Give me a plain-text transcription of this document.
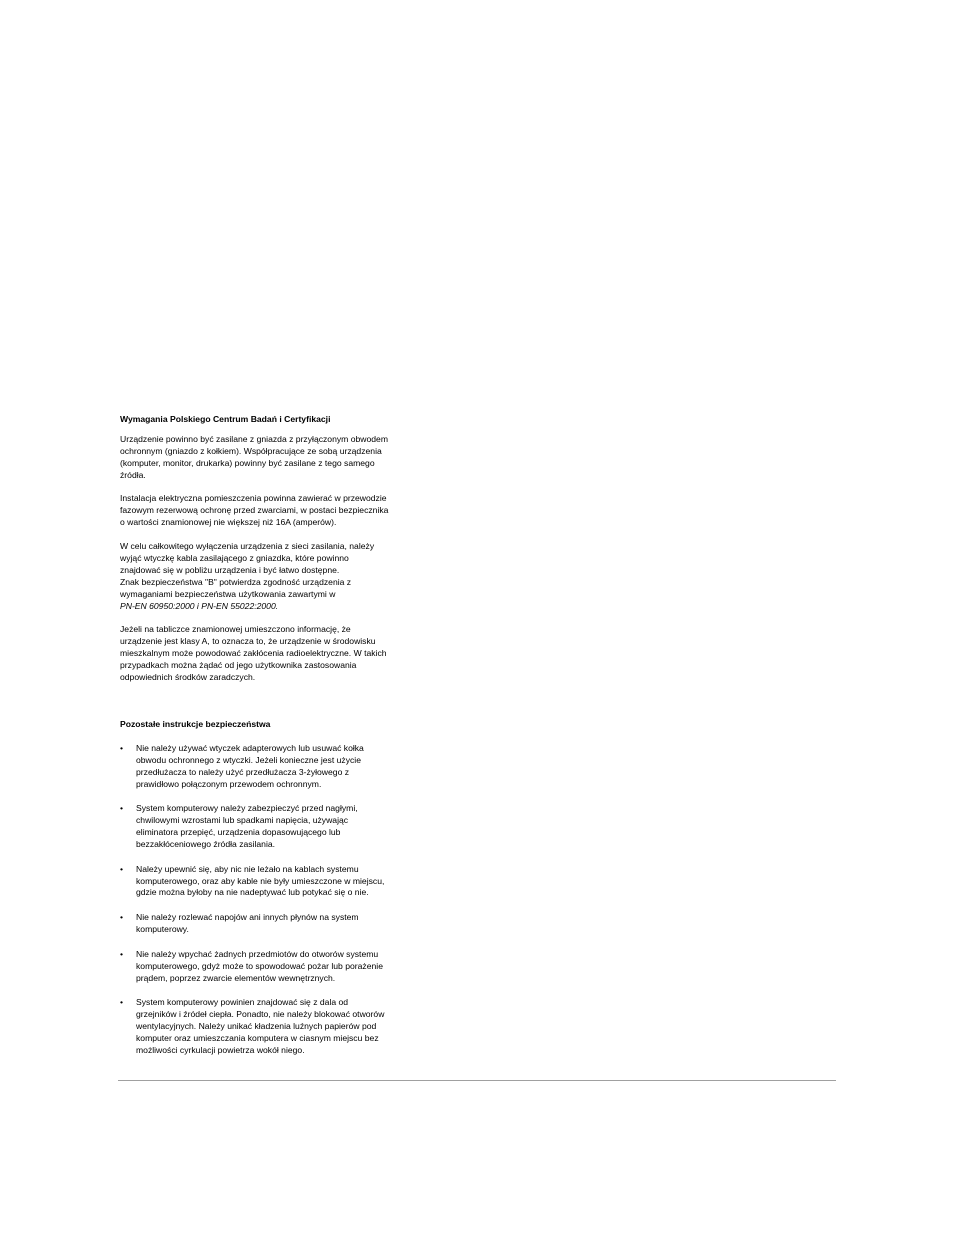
Wymagania Polskiego Centrum Badań i Certyfikacji

Urządzenie powinno być zasilane z gniazda z przyłączonym obwodem
ochronnym (gniazdo z kołkiem). Współpracujące ze sobą urządzenia
(komputer, monitor, drukarka) powinny być zasilane z tego samego
źródła.

Instalacja elektryczna pomieszczenia powinna zawierać w przewodzie
fazowym rezerwową ochronę przed zwarciami, w postaci bezpiecznika
o wartości znamionowej nie większej niż 16A (amperów).

W celu całkowitego wyłączenia urządzenia z sieci zasilania, należy
wyjąć wtyczkę kabla zasilającego z gniazdka, które powinno
znajdować się w pobliżu urządzenia i być łatwo dostępne.
Znak bezpieczeństwa "B" potwierdza zgodność urządzenia z
wymaganiami bezpieczeństwa użytkowania zawartymi w

PN-EN 60950:2000 i PN-EN 55022:2000.

Jeżeli na tabliczce znamionowej umieszczono informację, że
urządzenie jest klasy A, to oznacza to, że urządzenie w środowisku
mieszkalnym może powodować zakłócenia radioelektryczne. W takich
przypadkach można żądać od jego użytkownika zastosowania
odpowiednich środków zaradczych.

Pozostałe instrukcje bezpieczeństwa
• Nie należy używać wtyczek adapterowych lub usuwać kołka
obwodu ochronnego z wtyczki. Jeżeli konieczne jest użycie
przedłużacza to należy użyć przedłużacza 3-żyłowego z
prawidłowo połączonym przewodem ochronnym.
• System komputerowy należy zabezpieczyć przed nagłymi,
chwilowymi wzrostami lub spadkami napięcia, używając
eliminatora przepięć, urządzenia dopasowującego lub
bezzakłóceniowego źródła zasilania.
• Należy upewnić się, aby nic nie leżało na kablach systemu
komputerowego, oraz aby kable nie były umieszczone w miejscu,
gdzie można byłoby na nie nadeptywać lub potykać się o nie.
• Nie należy rozlewać napojów ani innych płynów na system
komputerowy.
• Nie należy wpychać żadnych przedmiotów do otworów systemu
komputerowego, gdyż może to spowodować pożar lub porażenie
prądem, poprzez zwarcie elementów wewnętrznych.
• System komputerowy powinien znajdować się z dala od
grzejników i źródeł ciepła. Ponadto, nie należy blokować otworów
wentylacyjnych. Należy unikać kładzenia luźnych papierów pod
komputer oraz umieszczania komputera w ciasnym miejscu bez
możliwości cyrkulacji powietrza wokół niego.
